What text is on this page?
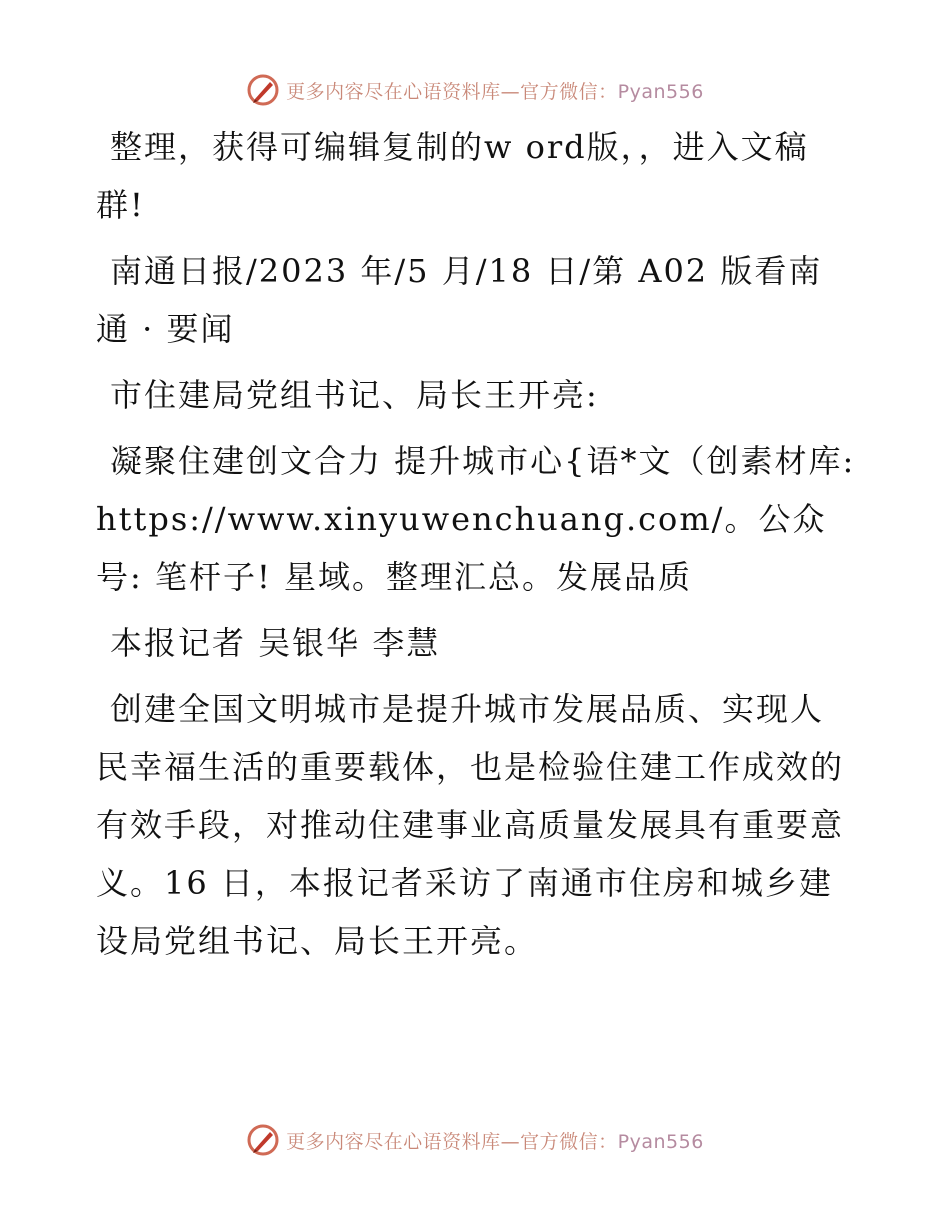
更多内容尽在心语资料库—官方微信：Pyan556

整理，获得可编辑复制的w ord版，，进入文稿群!

南通日报/2023 年/5 月/18 日/第 A02 版看南通 · 要闻

市住建局党组书记、局长王开亮:

凝聚住建创文合力 提升城市心{语*文（创素材库: https://www.xinyuwenchuang.com/。公众号: 笔杆子! 星域。整理汇总。发展品质

本报记者 吴银华 李慧

创建全国文明城市是提升城市发展品质、实现人民幸福生活的重要载体，也是检验住建工作成效的有效手段，对推动住建事业高质量发展具有重要意义。16 日，本报记者采访了南通市住房和城乡建设局党组书记、局长王开亮。

更多内容尽在心语资料库—官方微信：Pyan556
